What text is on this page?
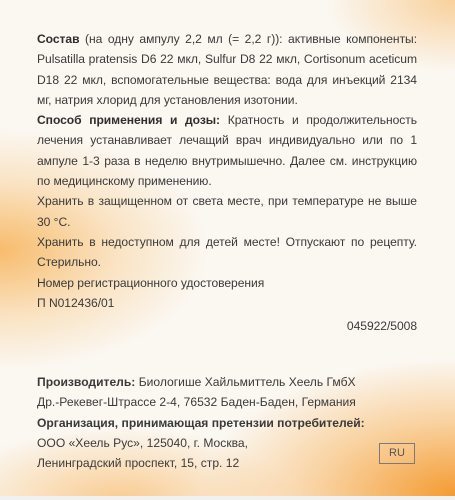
Состав (на одну ампулу 2,2 мл (= 2,2 г)): активные компоненты: Pulsatilla pratensis D6 22 мкл, Sulfur D8 22 мкл, Cortisonum aceticum D18 22 мкл, вспомогательные вещества: вода для инъекций 2134 мг, натрия хлорид для установления изотонии.

Способ применения и дозы: Кратность и продолжительность лечения устанавливает лечащий врач индивидуально или по 1 ампуле 1-3 раза в неделю внутримышечно. Далее см. инструкцию по медицинскому применению.

Хранить в защищенном от света месте, при температуре не выше 30 °С.

Хранить в недоступном для детей месте! Отпускают по рецепту. Стерильно.

Номер регистрационного удостоверения

П N012436/01

045922/5008

Производитель: Биологише Хайльмиттель Хеель ГмбХ

Др.-Рекевег-Штрассе 2-4, 76532 Баден-Баден, Германия

Организация, принимающая претензии потребителей:

ООО «Хеель Рус», 125040, г. Москва,

Ленинградский проспект, 15, стр. 12

RU
